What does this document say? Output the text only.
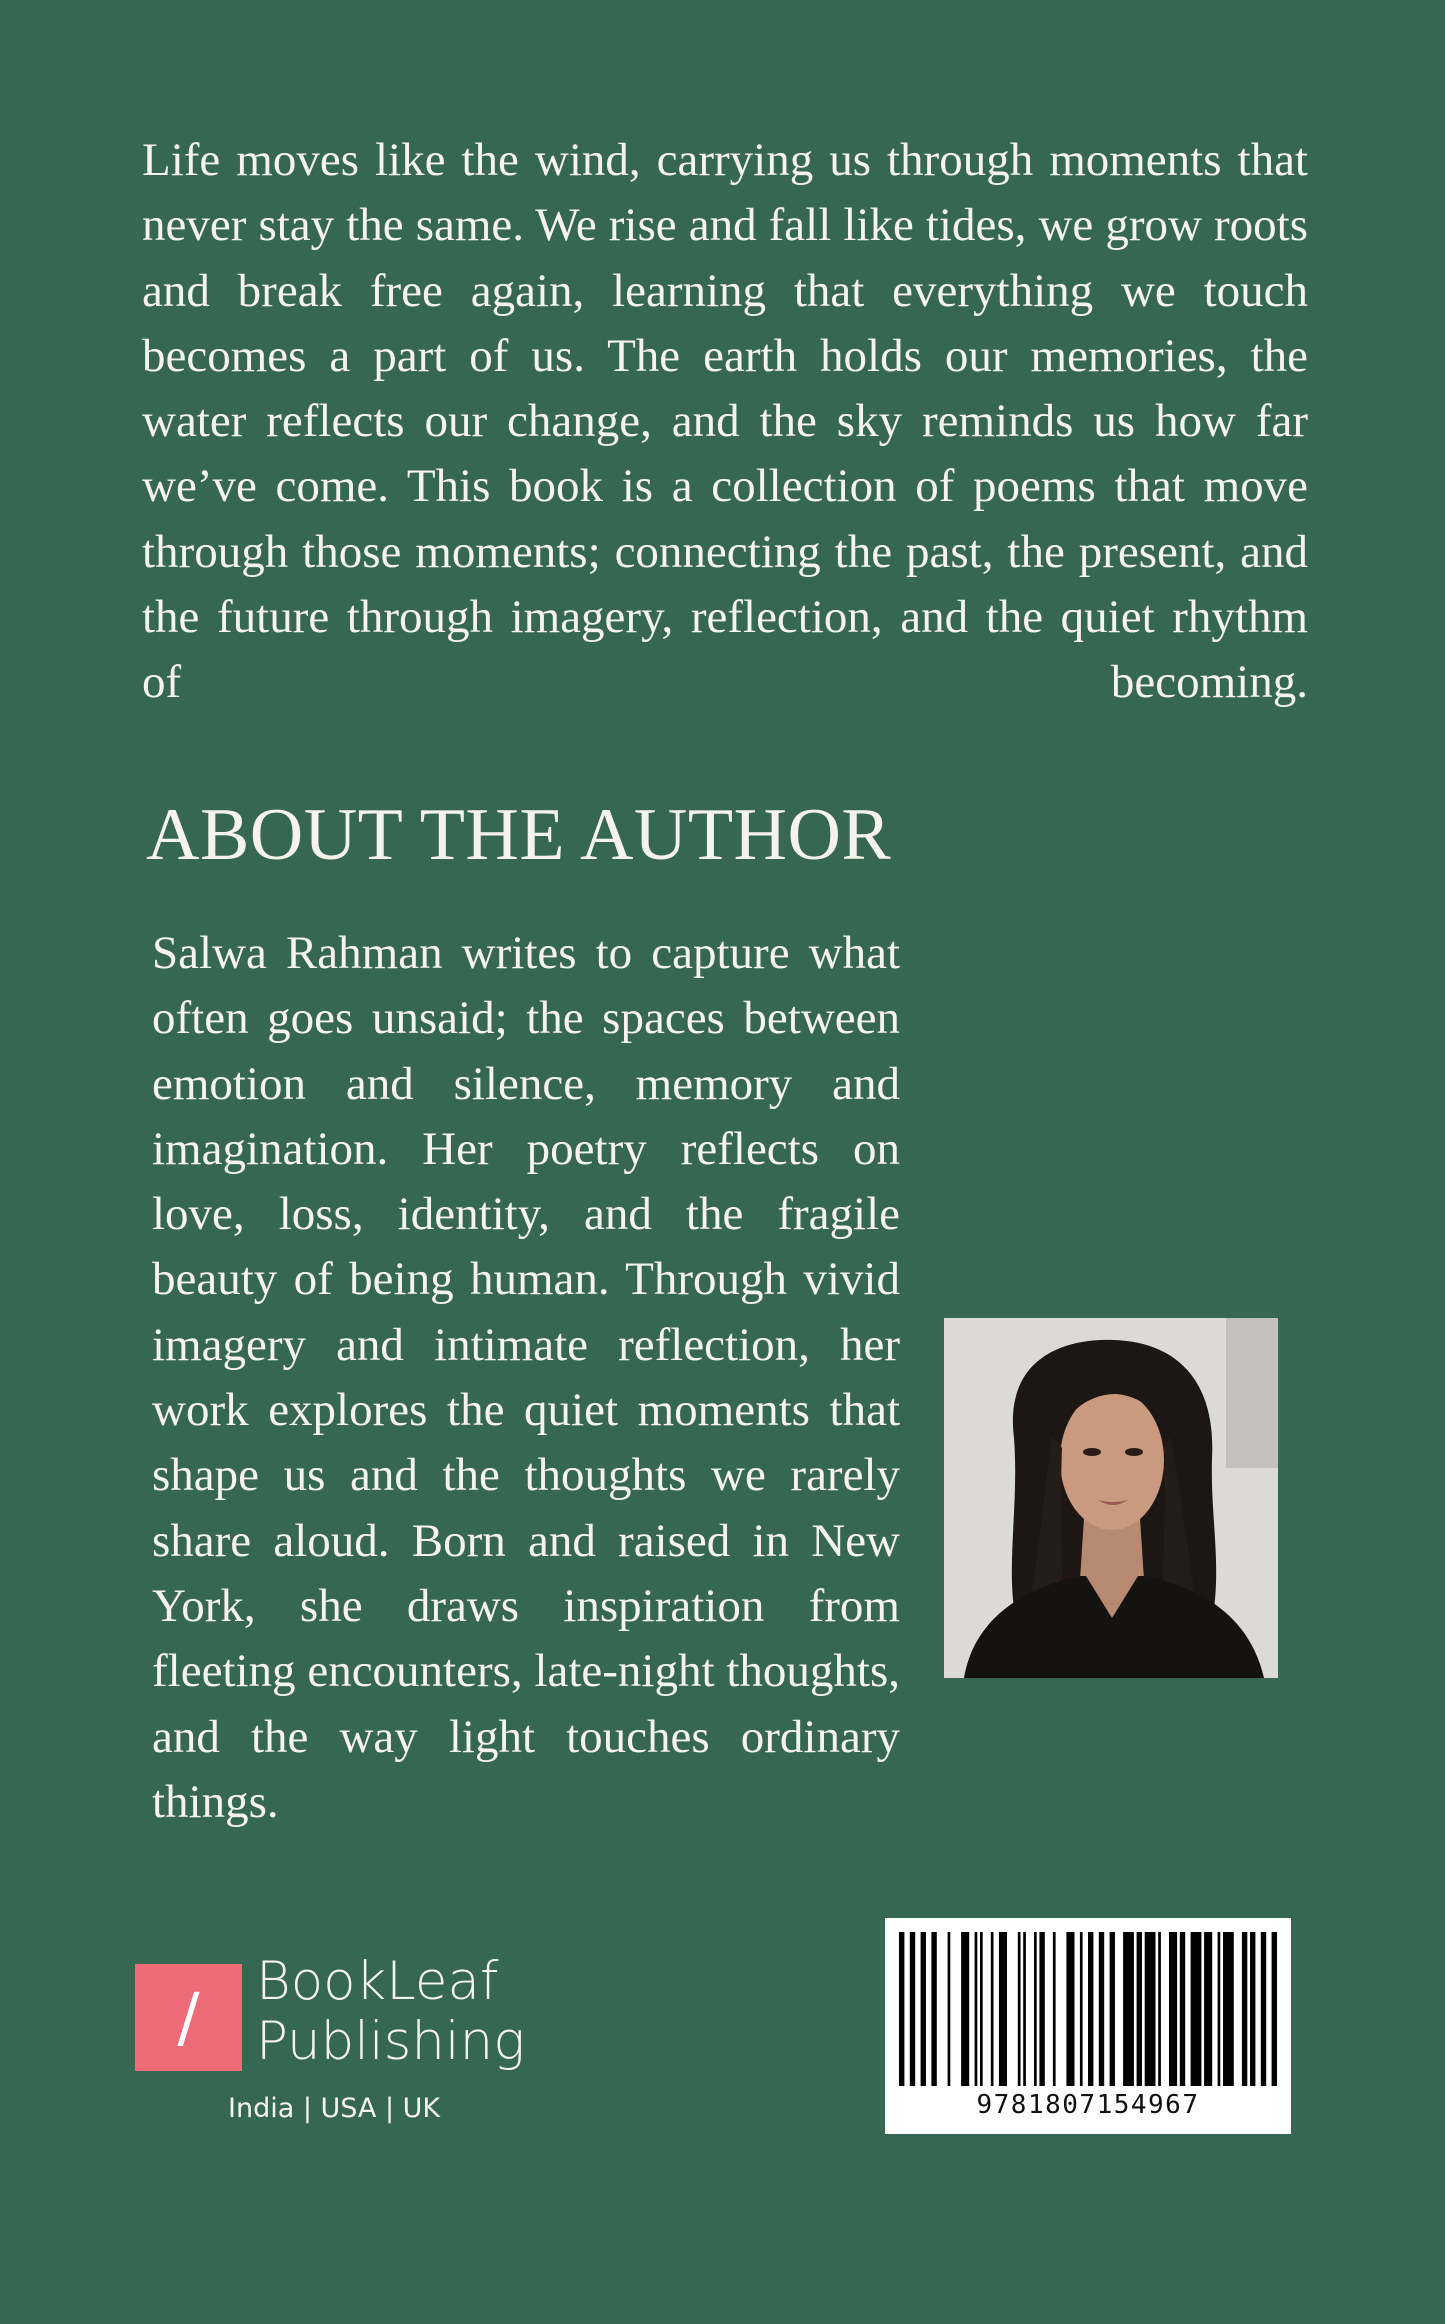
Life moves like the wind, carrying us through moments that never stay the same. We rise and fall like tides, we grow roots and break free again, learning that everything we touch becomes a part of us. The earth holds our memories, the water reflects our change, and the sky reminds us how far we’ve come. This book is a collection of poems that move through those moments; connecting the past, the present, and the future through imagery, reflection, and the quiet rhythm of becoming.

ABOUT THE AUTHOR

Salwa Rahman writes to capture what often goes unsaid; the spaces between emotion and silence, memory and imagination. Her poetry reflects on love, loss, identity, and the fragile beauty of being human. Through vivid imagery and intimate reflection, her work explores the quiet moments that shape us and the thoughts we rarely share aloud. Born and raised in New York, she draws inspiration from fleeting encounters, late-night thoughts, and the way light touches ordinary things.

/ BookLeaf
Publishing
India | USA | UK	9781807154967
